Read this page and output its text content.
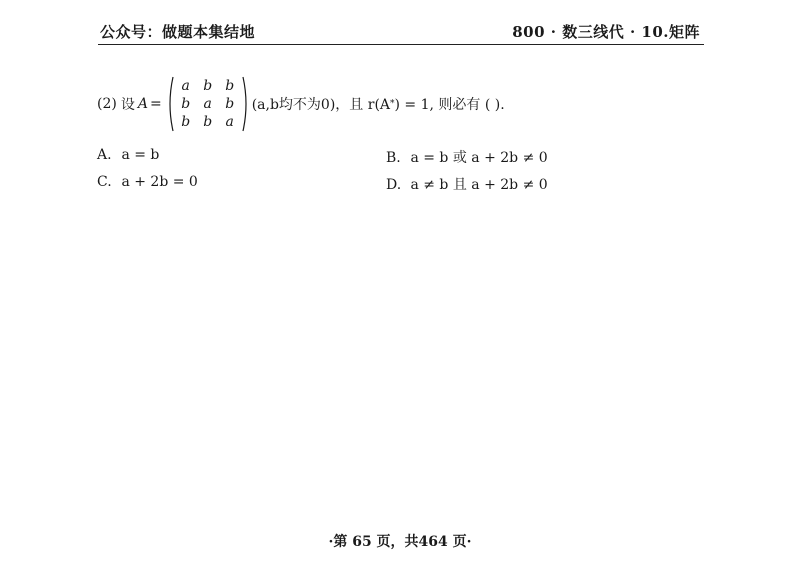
公众号：做题本集结地	800 · 数三线代 · 10.矩阵
(2) 设 A =
a b b
b a b
b b a
(a,b均不为0) ，且 r(A * ) = 1, 则必有 ( ).
A. a = b	B. a = b 或 a + 2b ≠ 0
C. a + 2b = 0	D. a ≠ b 且 a + 2b ≠ 0
·第 65 页，共464 页·
